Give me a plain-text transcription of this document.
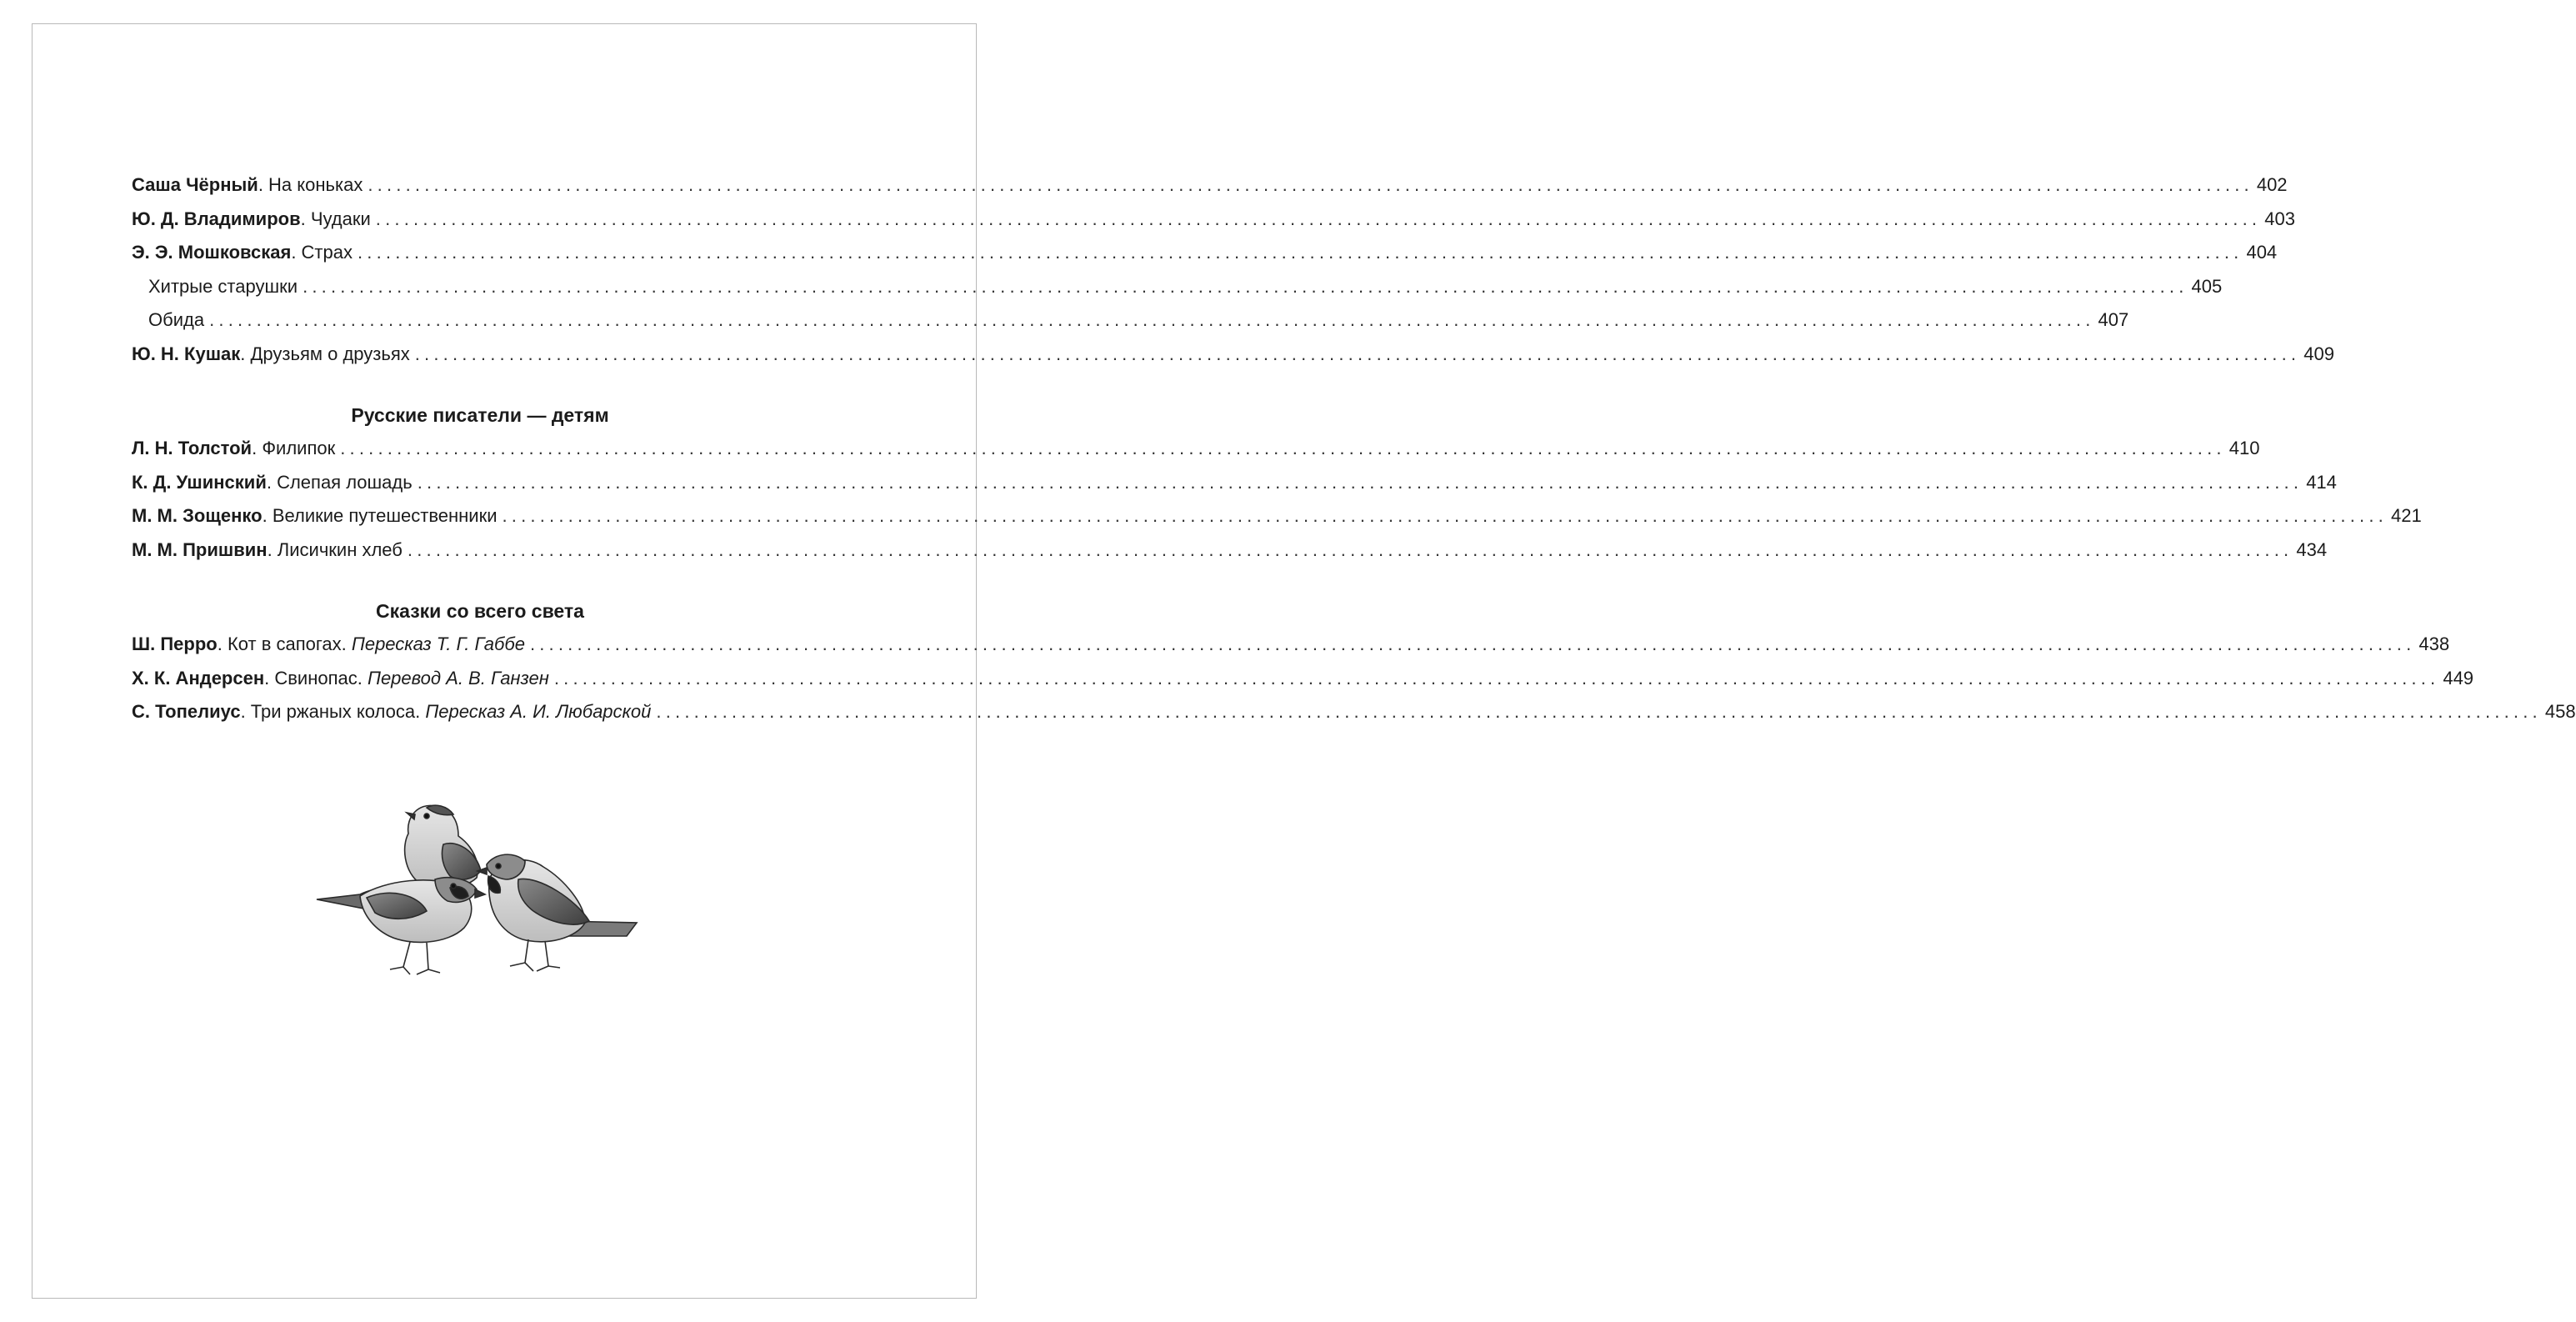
Саша Чёрный. На коньках ........................................................................................................................................................................................................ 402
Ю. Д. Владимиров. Чудаки ........................................................................................................................................................................................................ 403
Э. Э. Мошковская. Страх ........................................................................................................................................................................................................ 404
Хитрые старушки ........................................................................................................................................................................................................ 405
Обида ........................................................................................................................................................................................................ 407
Ю. Н. Кушак. Друзьям о друзьях ........................................................................................................................................................................................................ 409
Русские писатели — детям
Л. Н. Толстой. Филипок ........................................................................................................................................................................................................ 410
К. Д. Ушинский. Слепая лошадь ........................................................................................................................................................................................................ 414
М. М. Зощенко. Великие путешественники ........................................................................................................................................................................................................ 421
М. М. Пришвин. Лисичкин хлеб ........................................................................................................................................................................................................ 434
Сказки со всего света
Ш. Перро. Кот в сапогах. Пересказ Т. Г. Габбе ........................................................................................................................................................................................................ 438
Х. К. Андерсен. Свинопас. Перевод А. В. Ганзен ........................................................................................................................................................................................................ 449
С. Топелиус. Три ржаных колоса. Пересказ А. И. Любарской ........................................................................................................................................................................................................ 458
